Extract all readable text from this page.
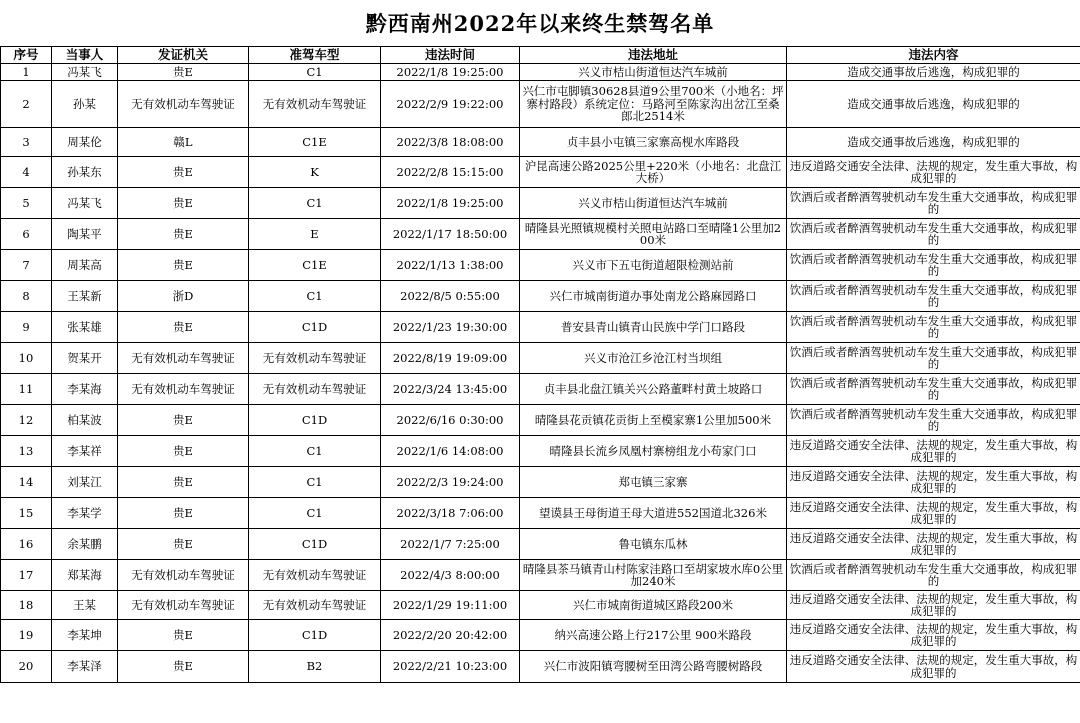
黔西南州2022年以来终生禁驾名单
序号	当事人	发证机关	准驾车型	违法时间	违法地址	违法内容
1	冯某飞	贵E	C1	2022/1/8 19:25:00	兴义市桔山街道恒达汽车城前	造成交通事故后逃逸，构成犯罪的
2	孙某	无有效机动车驾驶证	无有效机动车驾驶证	2022/2/9 19:22:00	兴仁市屯脚镇30628县道9公里700米（小地名：坪寨村路段）系统定位：马路河至陈家沟出岔江至桑郎北2514米	造成交通事故后逃逸，构成犯罪的
3	周某伦	赣L	C1E	2022/3/8 18:08:00	贞丰县小屯镇三家寨高枧水库路段	造成交通事故后逃逸，构成犯罪的
4	孙某东	贵E	K	2022/2/8 15:15:00	沪昆高速公路2025公里+220米（小地名：北盘江大桥）	违反道路交通安全法律、法规的规定，发生重大事故，构成犯罪的
5	冯某飞	贵E	C1	2022/1/8 19:25:00	兴义市桔山街道恒达汽车城前	饮酒后或者醉酒驾驶机动车发生重大交通事故，构成犯罪的
6	陶某平	贵E	E	2022/1/17 18:50:00	晴隆县光照镇规模村关照电站路口至晴隆1公里加200米	饮酒后或者醉酒驾驶机动车发生重大交通事故，构成犯罪的
7	周某高	贵E	C1E	2022/1/13 1:38:00	兴义市下五屯街道超限检测站前	饮酒后或者醉酒驾驶机动车发生重大交通事故，构成犯罪的
8	王某新	浙D	C1	2022/8/5 0:55:00	兴仁市城南街道办事处南龙公路麻园路口	饮酒后或者醉酒驾驶机动车发生重大交通事故，构成犯罪的
9	张某雄	贵E	C1D	2022/1/23 19:30:00	普安县青山镇青山民族中学门口路段	饮酒后或者醉酒驾驶机动车发生重大交通事故，构成犯罪的
10	贺某开	无有效机动车驾驶证	无有效机动车驾驶证	2022/8/19 19:09:00	兴义市沧江乡沧江村当坝组	饮酒后或者醉酒驾驶机动车发生重大交通事故，构成犯罪的
11	李某海	无有效机动车驾驶证	无有效机动车驾驶证	2022/3/24 13:45:00	贞丰县北盘江镇关兴公路董畔村黄土坡路口	饮酒后或者醉酒驾驶机动车发生重大交通事故，构成犯罪的
12	柏某波	贵E	C1D	2022/6/16 0:30:00	晴隆县花贡镇花贡街上至模家寨1公里加500米	饮酒后或者醉酒驾驶机动车发生重大交通事故，构成犯罪的
13	李某祥	贵E	C1	2022/1/6 14:08:00	晴隆县长流乡凤凰村寨榜组龙小苟家门口	违反道路交通安全法律、法规的规定，发生重大事故，构成犯罪的
14	刘某江	贵E	C1	2022/2/3 19:24:00	郑屯镇三家寨	违反道路交通安全法律、法规的规定，发生重大事故，构成犯罪的
15	李某学	贵E	C1	2022/3/18 7:06:00	望谟县王母街道王母大道进552国道北326米	违反道路交通安全法律、法规的规定，发生重大事故，构成犯罪的
16	余某鹏	贵E	C1D	2022/1/7 7:25:00	鲁屯镇东瓜林	违反道路交通安全法律、法规的规定，发生重大事故，构成犯罪的
17	郑某海	无有效机动车驾驶证	无有效机动车驾驶证	2022/4/3 8:00:00	晴隆县茶马镇青山村陈家洼路口至胡家坡水库0公里加240米	饮酒后或者醉酒驾驶机动车发生重大交通事故，构成犯罪的
18	王某	无有效机动车驾驶证	无有效机动车驾驶证	2022/1/29 19:11:00	兴仁市城南街道城区路段200米	违反道路交通安全法律、法规的规定，发生重大事故，构成犯罪的
19	李某坤	贵E	C1D	2022/2/20 20:42:00	纳兴高速公路上行217公里 900米路段	违反道路交通安全法律、法规的规定，发生重大事故，构成犯罪的
20	李某泽	贵E	B2	2022/2/21 10:23:00	兴仁市波阳镇弯腰树至田湾公路弯腰树路段	违反道路交通安全法律、法规的规定，发生重大事故，构成犯罪的
